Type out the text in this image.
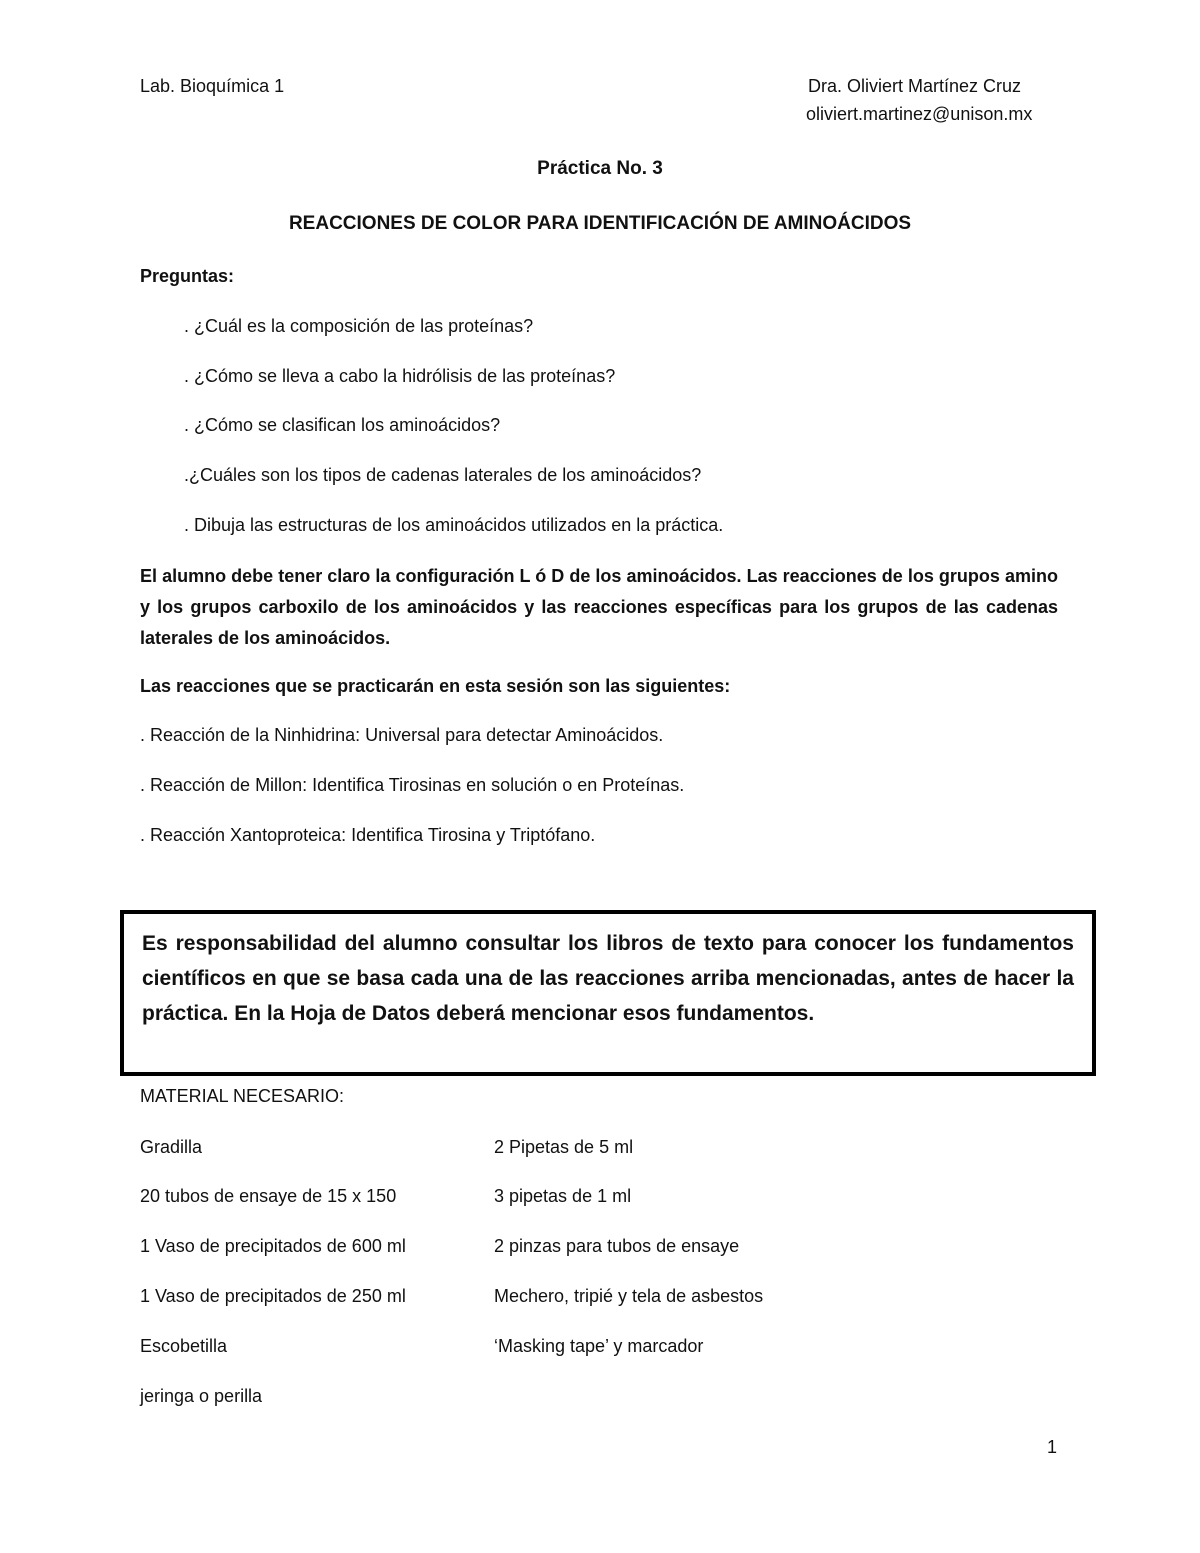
Lab. Bioquímica 1	Dra. Oliviert Martínez Cruz
oliviert.martinez@unison.mx
Práctica No. 3
REACCIONES DE COLOR PARA IDENTIFICACIÓN DE AMINOÁCIDOS
Preguntas:
. ¿Cuál es la composición de las proteínas?
. ¿Cómo se lleva a cabo la hidrólisis de las proteínas?
. ¿Cómo se clasifican los aminoácidos?
.¿Cuáles son los tipos de cadenas laterales de los aminoácidos?
. Dibuja las estructuras de los aminoácidos utilizados en la práctica.
El alumno debe tener claro la configuración L ó D de los aminoácidos. Las reacciones de los grupos amino y los grupos carboxilo de los aminoácidos y las reacciones específicas para los grupos de las cadenas laterales de los aminoácidos.
Las reacciones que se practicarán en esta sesión son las siguientes:
. Reacción de la Ninhidrina: Universal para detectar Aminoácidos.
. Reacción de Millon: Identifica Tirosinas en solución o en Proteínas.
. Reacción Xantoproteica: Identifica Tirosina y Triptófano.
Es responsabilidad del alumno consultar los libros de texto para conocer los fundamentos científicos en que se basa cada una de las reacciones arriba mencionadas, antes de hacer la práctica. En la Hoja de Datos deberá mencionar esos fundamentos.
MATERIAL NECESARIO:
Gradilla
20 tubos de ensaye de 15 x 150
1 Vaso de precipitados de 600 ml
1 Vaso de precipitados de 250 ml
Escobetilla
jeringa o perilla
2 Pipetas de 5 ml
3 pipetas de 1 ml
2 pinzas para tubos de ensaye
Mechero, tripié y tela de asbestos
‘Masking tape’ y marcador
1
